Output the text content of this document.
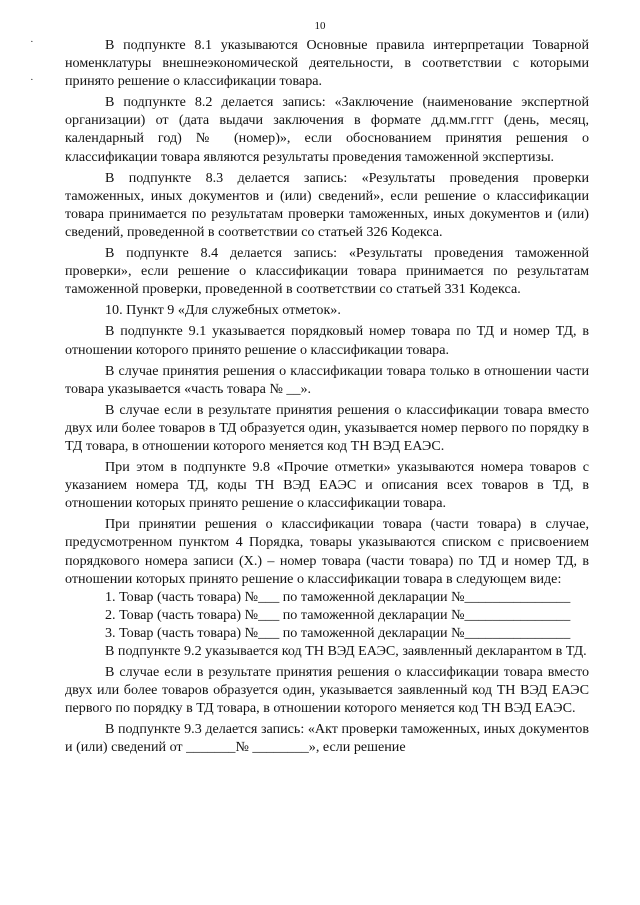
10
·
·

В подпункте 8.1 указываются Основные правила интерпретации Товарной номенклатуры внешнеэкономической деятельности, в соответствии с которыми принято решение о классификации товара.

В подпункте 8.2 делается запись: «Заключение (наименование экспертной организации) от (дата выдачи заключения в формате дд.мм.гггг (день, месяц, календарный год) № (номер)», если обоснованием принятия решения о классификации товара являются результаты проведения таможенной экспертизы.

В подпункте 8.3 делается запись: «Результаты проведения проверки таможенных, иных документов и (или) сведений», если решение о классификации товара принимается по результатам проверки таможенных, иных документов и (или) сведений, проведенной в соответствии со статьей 326 Кодекса.

В подпункте 8.4 делается запись: «Результаты проведения таможенной проверки», если решение о классификации товара принимается по результатам таможенной проверки, проведенной в соответствии со статьей 331 Кодекса.

10. Пункт 9 «Для служебных отметок».

В подпункте 9.1 указывается порядковый номер товара по ТД и номер ТД, в отношении которого принято решение о классификации товара.

В случае принятия решения о классификации товара только в отношении части товара указывается «часть товара № __».

В случае если в результате принятия решения о классификации товара вместо двух или более товаров в ТД образуется один, указывается номер первого по порядку в ТД товара, в отношении которого меняется код ТН ВЭД ЕАЭС.

При этом в подпункте 9.8 «Прочие отметки» указываются номера товаров с указанием номера ТД, коды ТН ВЭД ЕАЭС и описания всех товаров в ТД, в отношении которых принято решение о классификации товара.

При принятии решения о классификации товара (части товара) в случае, предусмотренном пунктом 4 Порядка, товары указываются списком с присвоением порядкового номера записи (Х.) – номер товара (части товара) по ТД и номер ТД, в отношении которых принято решение о классификации товара в следующем виде:

1. Товар (часть товара) №___ по таможенной декларации №_______________

2. Товар (часть товара) №___ по таможенной декларации №_______________

3. Товар (часть товара) №___ по таможенной декларации №_______________

В подпункте 9.2 указывается код ТН ВЭД ЕАЭС, заявленный декларантом в ТД.

В случае если в результате принятия решения о классификации товара вместо двух или более товаров образуется один, указывается заявленный код ТН ВЭД ЕАЭС первого по порядку в ТД товара, в отношении которого меняется код ТН ВЭД ЕАЭС.

В подпункте 9.3 делается запись: «Акт проверки таможенных, иных документов и (или) сведений от _______№ ________», если решение
